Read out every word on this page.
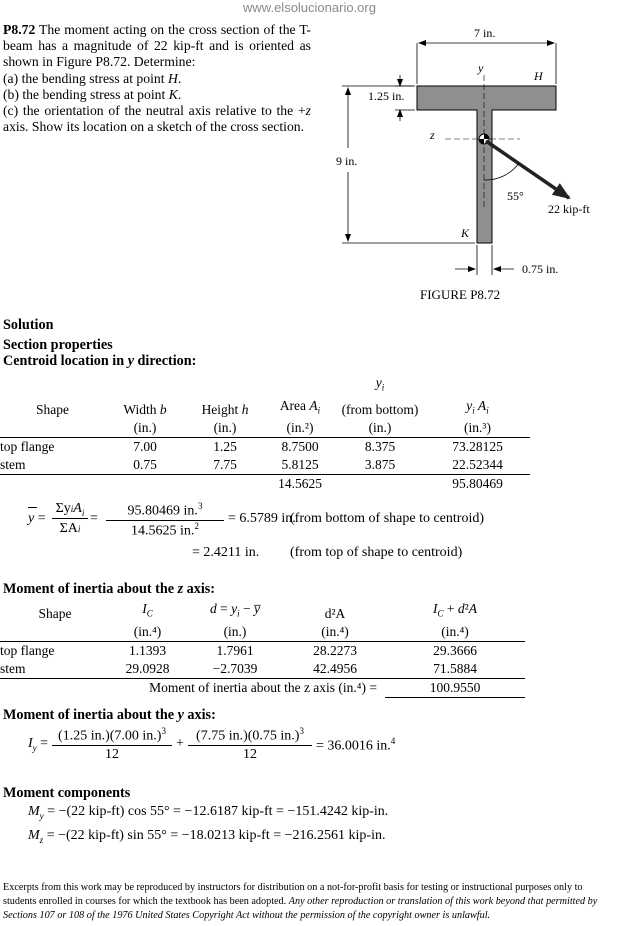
www.elsolucionario.org
P8.72 The moment acting on the cross section of the T-beam has a magnitude of 22 kip-ft and is oriented as shown in Figure P8.72. Determine:
(a) the bending stress at point H.
(b) the bending stress at point K.
(c) the orientation of the neutral axis relative to the +z axis. Show its location on a sketch of the cross section.
7 in.
1.25 in.
9 in.
0.75 in.
y
z
H
K
55°
22 kip-ft
FIGURE P8.72
Solution
Section properties
Centroid location in y direction:
				$y_i$	
Shape	Width b	Height h	Area $A_i$	(from bottom)	$y_i$ $A_i$
	(in.)	(in.)	(in.²)	(in.)	(in.³)
top flange	7.00	1.25	8.7500	8.375	73.28125
stem	0.75	7.75	5.8125	3.875	22.52344
			14.5625		95.80469
y
=
ΣyiA$_i$
ΣAi
=	95.80469 in.$^3$
14.5625 in.$^2$	= 6.5789 in.
(from bottom of shape to centroid)
= 2.4211 in. (from top of shape to centroid)
Moment of inertia about the z axis:
Shape	$I_C$	$d = y_i$ − y̅	d²A	$I_C + d^2A$
	(in.⁴)	(in.)	(in.⁴)	(in.⁴)
top flange	1.1393	1.7961	28.2273	29.3666
stem	29.0928	−2.7039	42.4956	71.5884
	Moment of inertia about the z axis (in.⁴) =			100.9550
Moment of inertia about the y axis:
$I_y = (1.25$ in.)(7.00 in.)$^3$
12
+ (7.75 in.)(0.75 in.)$^3$
12
= 36.0016 in.$^4$
Moment components
$M_y = -(22$ kip-ft) cos 55° = −12.6187 kip-ft = −151.4242 kip-in.
$M_z = -(22$ kip-ft) sin 55° = −18.0213 kip-ft = −216.2561 kip-in.
Excerpts from this work may be reproduced by instructors for distribution on a not-for-profit basis for testing or instructional purposes only to students enrolled in courses for which the textbook has been adopted. Any other reproduction or translation of this work beyond that permitted by Sections 107 or 108 of the 1976 United States Copyright Act without the permission of the copyright owner is unlawful.
